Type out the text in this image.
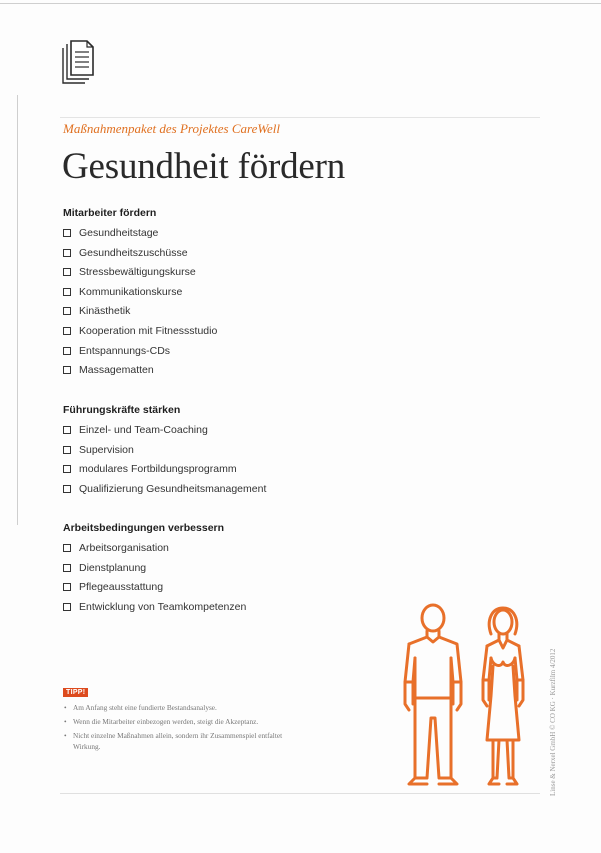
Maßnahmenpaket des Projektes CareWell

Gesundheit fördern
Mitarbeiter fördern
Gesundheitstage
Gesundheitszuschüsse
Stressbewältigungskurse
Kommunikationskurse
Kinästhetik
Kooperation mit Fitnessstudio
Entspannungs-CDs
Massagematten
Führungskräfte stärken
Einzel- und Team-Coaching
Supervision
modulares Fortbildungsprogramm
Qualifizierung Gesundheitsmanagement
Arbeitsbedingungen verbessern
Arbeitsorganisation
Dienstplanung
Pflegeausstattung
Entwicklung von Teamkompetenzen
TIPP!
• Am Anfang steht eine fundierte Bestandsanalyse.
• Wenn die Mitarbeiter einbezogen werden, steigt die Akzeptanz.
• Nicht einzelne Maßnahmen allein, sondern ihr Zusammenspiel entfaltet Wirkung.	Linse & Nerxel GmbH © CO KG · Kurzfilm 4/2012
